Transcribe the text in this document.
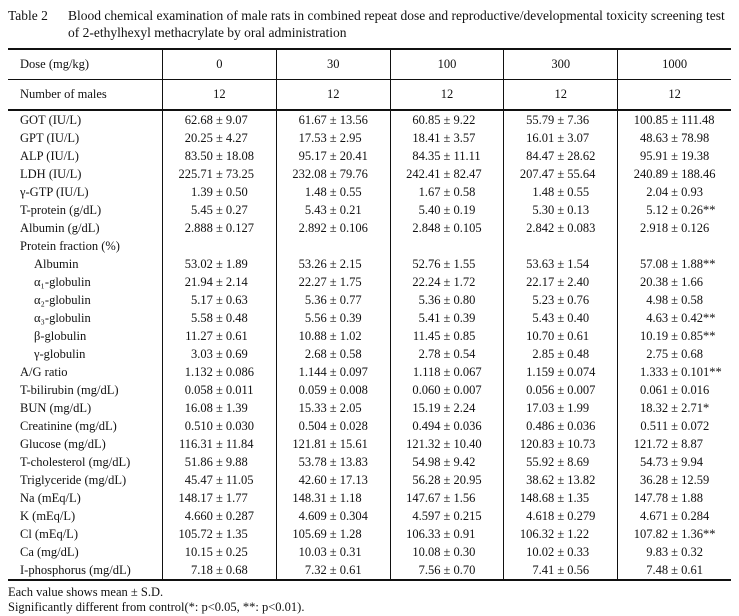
Table 2	Blood chemical examination of male rats in combined repeat dose and reproductive/developmental toxicity screening test of 2-ethylhexyl methacrylate by oral administration
Dose (mg/kg)	0	30	100	300	1000
Number of males	12	12	12	12	12
GOT (IU/L)	62.68 ± 9.07	61.67 ± 13.56	60.85 ± 9.22	55.79 ± 7.36	100.85 ± 111.48
GPT (IU/L)	20.25 ± 4.27	17.53 ± 2.95	18.41 ± 3.57	16.01 ± 3.07	48.63 ± 78.98
ALP (IU/L)	83.50 ± 18.08	95.17 ± 20.41	84.35 ± 11.11	84.47 ± 28.62	95.91 ± 19.38
LDH (IU/L)	225.71 ± 73.25	232.08 ± 79.76	242.41 ± 82.47	207.47 ± 55.64	240.89 ± 188.46
γ-GTP (IU/L)	1.39 ± 0.50	1.48 ± 0.55	1.67 ± 0.58	1.48 ± 0.55	2.04 ± 0.93
T-protein (g/dL)	5.45 ± 0.27	5.43 ± 0.21	5.40 ± 0.19	5.30 ± 0.13	5.12 ± 0.26**
Albumin (g/dL)	2.888 ± 0.127	2.892 ± 0.106	2.848 ± 0.105	2.842 ± 0.083	2.918 ± 0.126
Protein fraction (%)
Albumin	53.02 ± 1.89	53.26 ± 2.15	52.76 ± 1.55	53.63 ± 1.54	57.08 ± 1.88**
α₁-globulin	21.94 ± 2.14	22.27 ± 1.75	22.24 ± 1.72	22.17 ± 2.40	20.38 ± 1.66
α₂-globulin	5.17 ± 0.63	5.36 ± 0.77	5.36 ± 0.80	5.23 ± 0.76	4.98 ± 0.58
α₃-globulin	5.58 ± 0.48	5.56 ± 0.39	5.41 ± 0.39	5.43 ± 0.40	4.63 ± 0.42**
β-globulin	11.27 ± 0.61	10.88 ± 1.02	11.45 ± 0.85	10.70 ± 0.61	10.19 ± 0.85**
γ-globulin	3.03 ± 0.69	2.68 ± 0.58	2.78 ± 0.54	2.85 ± 0.48	2.75 ± 0.68
A/G ratio	1.132 ± 0.086	1.144 ± 0.097	1.118 ± 0.067	1.159 ± 0.074	1.333 ± 0.101**
T-bilirubin (mg/dL)	0.058 ± 0.011	0.059 ± 0.008	0.060 ± 0.007	0.056 ± 0.007	0.061 ± 0.016
BUN (mg/dL)	16.08 ± 1.39	15.33 ± 2.05	15.19 ± 2.24	17.03 ± 1.99	18.32 ± 2.71*
Creatinine (mg/dL)	0.510 ± 0.030	0.504 ± 0.028	0.494 ± 0.036	0.486 ± 0.036	0.511 ± 0.072
Glucose (mg/dL)	116.31 ± 11.84	121.81 ± 15.61	121.32 ± 10.40	120.83 ± 10.73	121.72 ± 8.87
T-cholesterol (mg/dL)	51.86 ± 9.88	53.78 ± 13.83	54.98 ± 9.42	55.92 ± 8.69	54.73 ± 9.94
Triglyceride (mg/dL)	45.47 ± 11.05	42.60 ± 17.13	56.28 ± 20.95	38.62 ± 13.82	36.28 ± 12.59
Na (mEq/L)	148.17 ± 1.77	148.31 ± 1.18	147.67 ± 1.56	148.68 ± 1.35	147.78 ± 1.88
K (mEq/L)	4.660 ± 0.287	4.609 ± 0.304	4.597 ± 0.215	4.618 ± 0.279	4.671 ± 0.284
Cl (mEq/L)	105.72 ± 1.35	105.69 ± 1.28	106.33 ± 0.91	106.32 ± 1.22	107.82 ± 1.36**
Ca (mg/dL)	10.15 ± 0.25	10.03 ± 0.31	10.08 ± 0.30	10.02 ± 0.33	9.83 ± 0.32
I-phosphorus (mg/dL)	7.18 ± 0.68	7.32 ± 0.61	7.56 ± 0.70	7.41 ± 0.56	7.48 ± 0.61
Each value shows mean ± S.D.
Significantly different from control(*: p<0.05, **: p<0.01).
